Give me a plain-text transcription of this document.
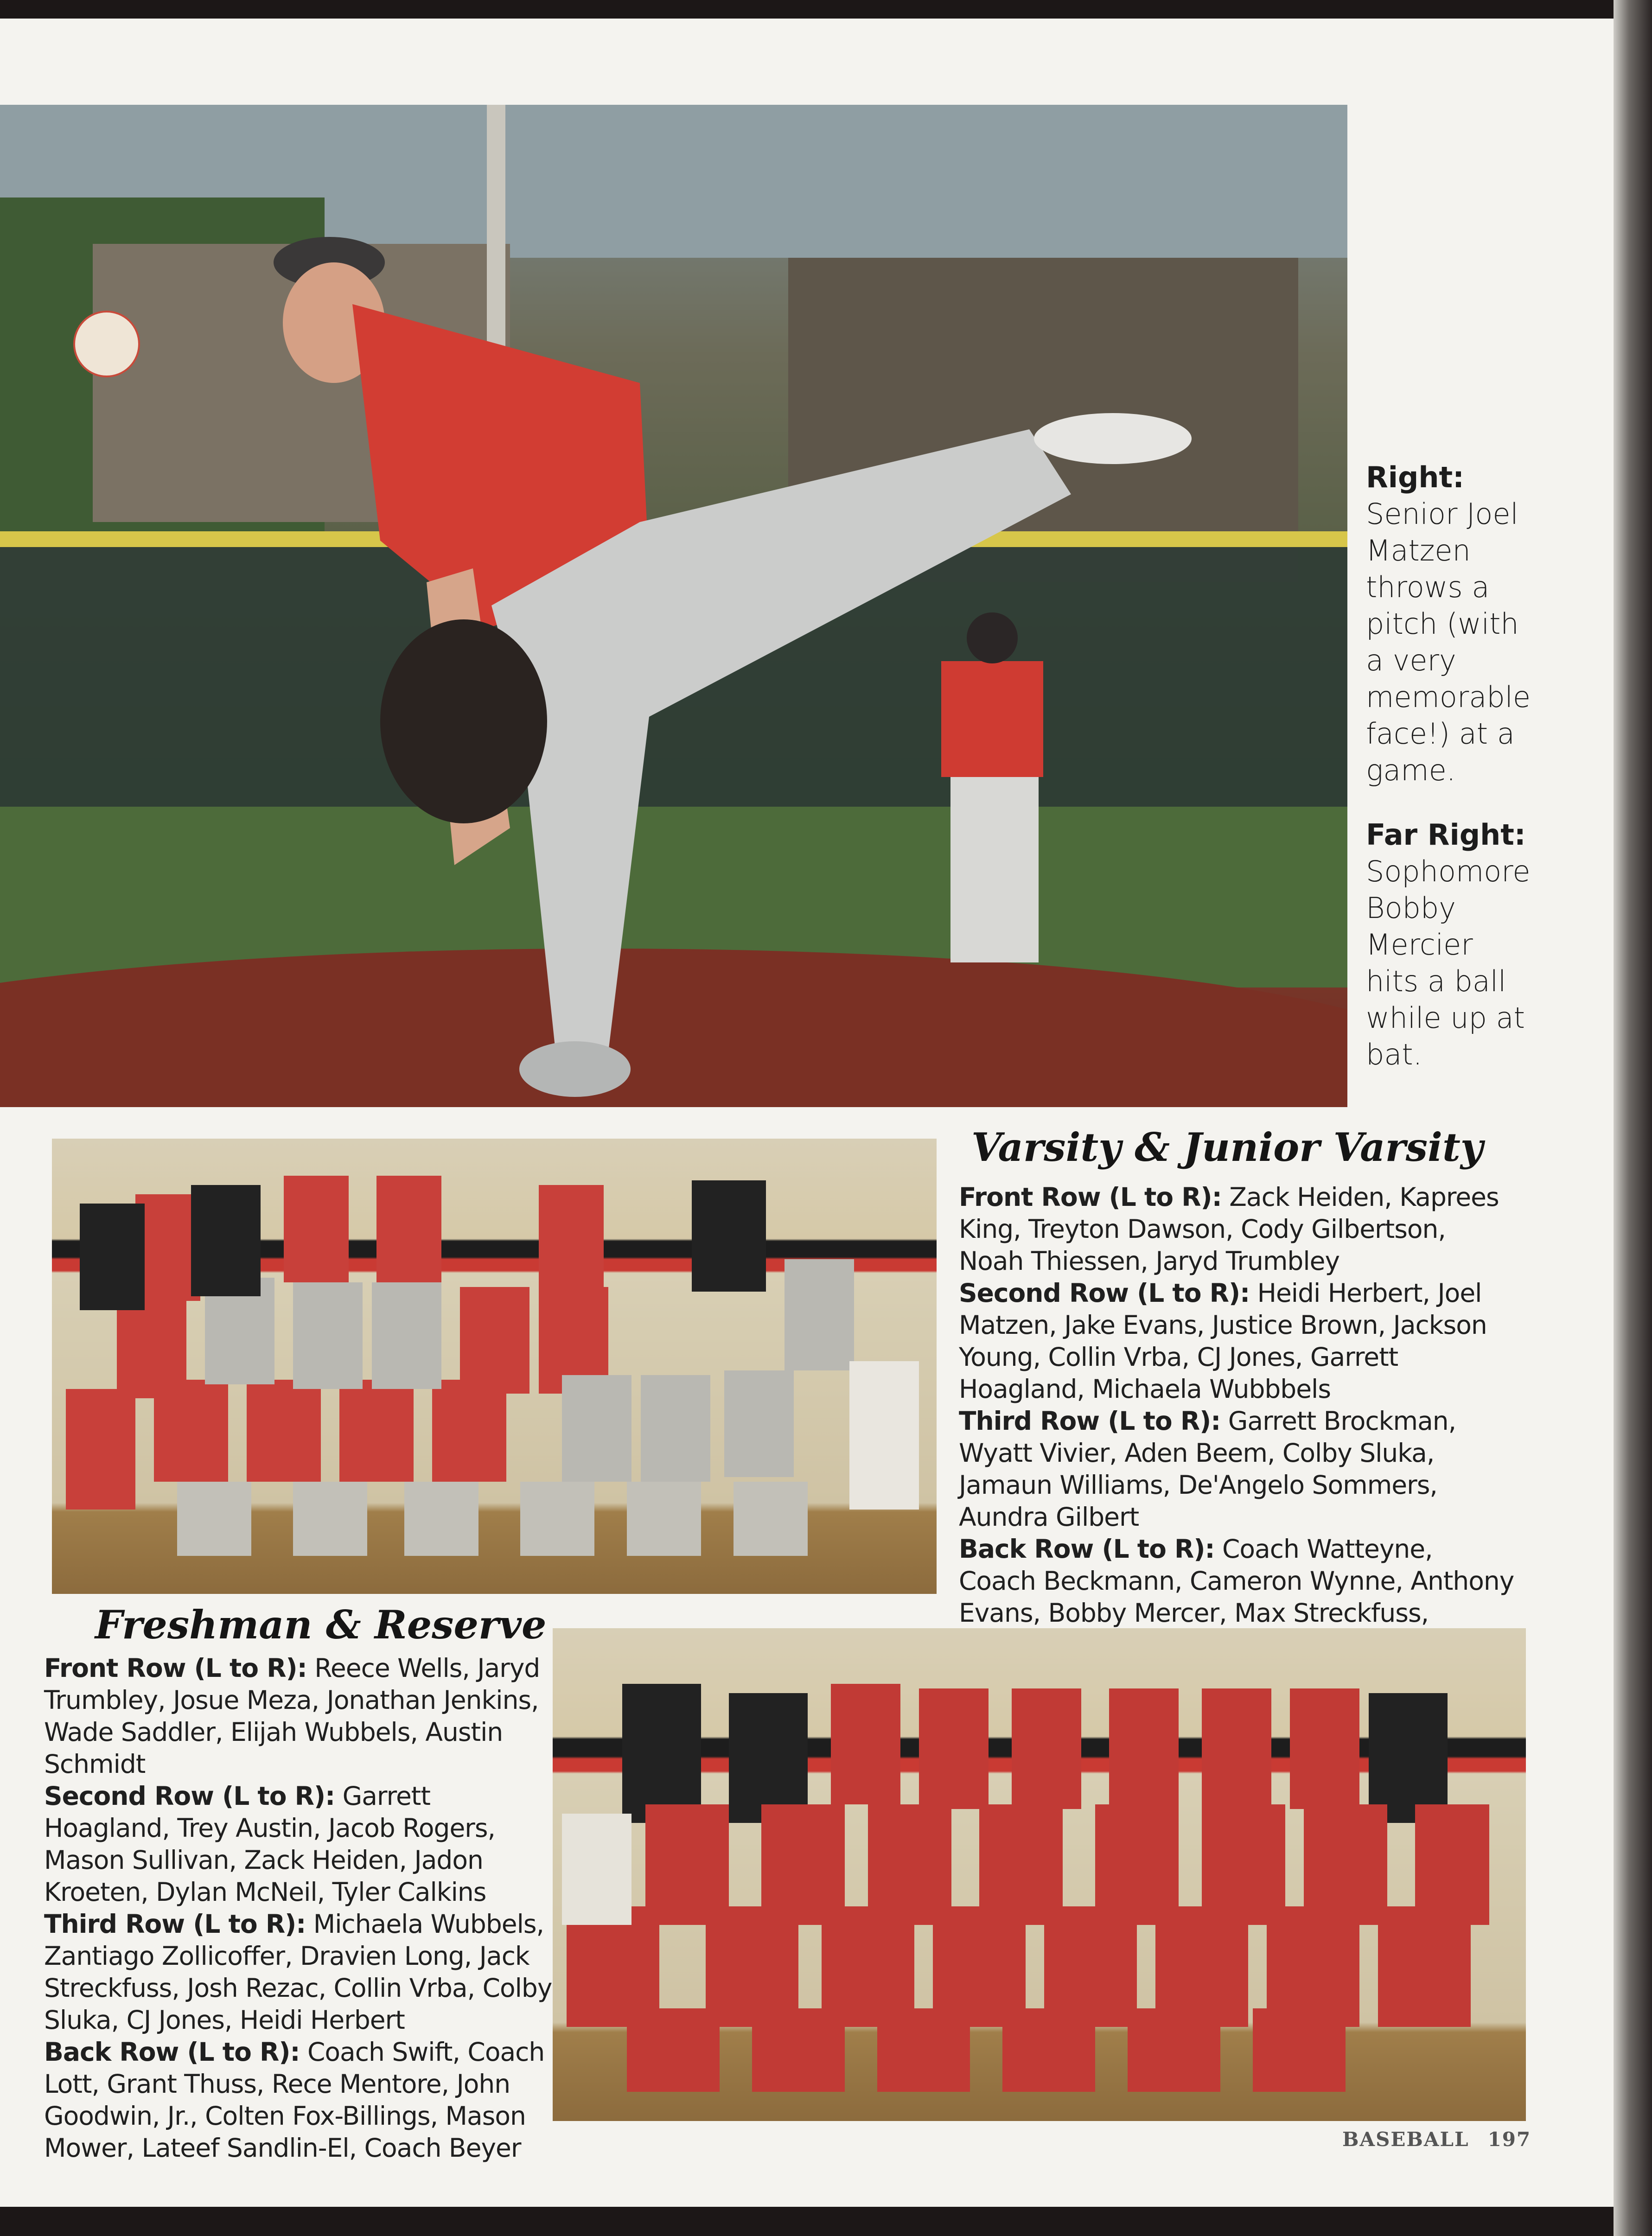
Right:
Senior Joel Matzen throws a pitch (with a very memorable face!) at a game.

Far Right:
Sophomore Bobby Mercier hits a ball while up at bat.

Varsity & Junior Varsity
Front Row (L to R): Zack Heiden, Kaprees King, Treyton Dawson, Cody Gilbertson, Noah Thiessen, Jaryd Trumbley
Second Row (L to R): Heidi Herbert, Joel Matzen, Jake Evans, Justice Brown, Jackson Young, Collin Vrba, CJ Jones, Garrett Hoagland, Michaela Wubbbels
Third Row (L to R): Garrett Brockman, Wyatt Vivier, Aden Beem, Colby Sluka, Jamaun Williams, De'Angelo Sommers, Aundra Gilbert
Back Row (L to R): Coach Watteyne, Coach Beckmann, Cameron Wynne, Anthony Evans, Bobby Mercer, Max Streckfuss,
Freshman & Reserve
Front Row (L to R): Reece Wells, Jaryd Trumbley, Josue Meza, Jonathan Jenkins, Wade Saddler, Elijah Wubbels, Austin Schmidt
Second Row (L to R): Garrett Hoagland, Trey Austin, Jacob Rogers, Mason Sullivan, Zack Heiden, Jadon Kroeten, Dylan McNeil, Tyler Calkins
Third Row (L to R): Michaela Wubbels, Zantiago Zollicoffer, Dravien Long, Jack Streckfuss, Josh Rezac, Collin Vrba, Colby Sluka, CJ Jones, Heidi Herbert
Back Row (L to R): Coach Swift, Coach Lott, Grant Thuss, Rece Mentore, John Goodwin, Jr., Colten Fox-Billings, Mason Mower, Lateef Sandlin-El, Coach Beyer	BASEBALL 197
